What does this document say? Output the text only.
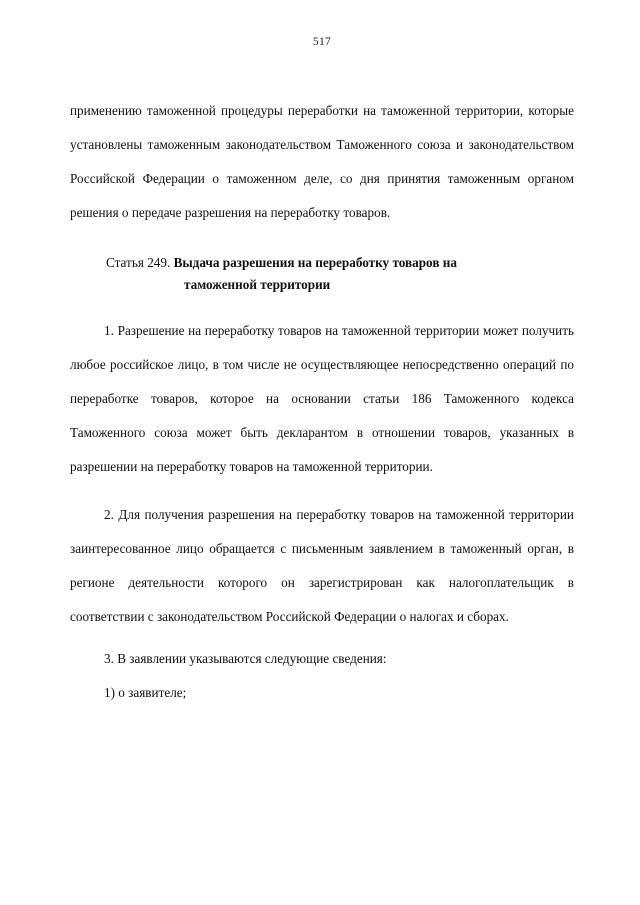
517

применению таможенной процедуры переработки на таможенной территории, которые установлены таможенным законодательством Таможенного союза и законодательством Российской Федерации о таможенном деле, со дня принятия таможенным органом решения о передаче разрешения на переработку товаров.

Статья 249. Выдача разрешения на переработку товаров на
таможенной территории

1. Разрешение на переработку товаров на таможенной территории может получить любое российское лицо, в том числе не осуществляющее непосредственно операций по переработке товаров, которое на основании статьи 186 Таможенного кодекса Таможенного союза может быть декларантом в отношении товаров, указанных в разрешении на переработку товаров на таможенной территории.

2. Для получения разрешения на переработку товаров на таможенной территории заинтересованное лицо обращается с письменным заявлением в таможенный орган, в регионе деятельности которого он зарегистрирован как налогоплательщик в соответствии с законодательством Российской Федерации о налогах и сборах.

3. В заявлении указываются следующие сведения:

1) о заявителе;
